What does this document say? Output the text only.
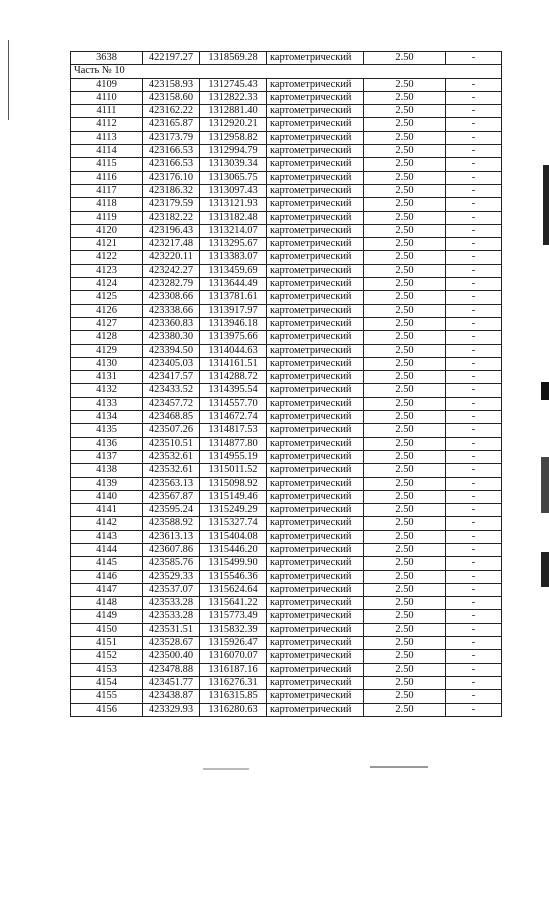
3638	422197.27	1318569.28	картометрический	2.50	-
Часть № 10					
4109	423158.93	1312745.43	картометрический	2.50	-
4110	423158.60	1312822.33	картометрический	2.50	-
4111	423162.22	1312881.40	картометрический	2.50	-
4112	423165.87	1312920.21	картометрический	2.50	-
4113	423173.79	1312958.82	картометрический	2.50	-
4114	423166.53	1312994.79	картометрический	2.50	-
4115	423166.53	1313039.34	картометрический	2.50	-
4116	423176.10	1313065.75	картометрический	2.50	-
4117	423186.32	1313097.43	картометрический	2.50	-
4118	423179.59	1313121.93	картометрический	2.50	-
4119	423182.22	1313182.48	картометрический	2.50	-
4120	423196.43	1313214.07	картометрический	2.50	-
4121	423217.48	1313295.67	картометрический	2.50	-
4122	423220.11	1313383.07	картометрический	2.50	-
4123	423242.27	1313459.69	картометрический	2.50	-
4124	423282.79	1313644.49	картометрический	2.50	-
4125	423308.66	1313781.61	картометрический	2.50	-
4126	423338.66	1313917.97	картометрический	2.50	-
4127	423360.83	1313946.18	картометрический	2.50	-
4128	423380.30	1313975.66	картометрический	2.50	-
4129	423394.50	1314044.63	картометрический	2.50	-
4130	423405.03	1314161.51	картометрический	2.50	-
4131	423417.57	1314288.72	картометрический	2.50	-
4132	423433.52	1314395.54	картометрический	2.50	-
4133	423457.72	1314557.70	картометрический	2.50	-
4134	423468.85	1314672.74	картометрический	2.50	-
4135	423507.26	1314817.53	картометрический	2.50	-
4136	423510.51	1314877.80	картометрический	2.50	-
4137	423532.61	1314955.19	картометрический	2.50	-
4138	423532.61	1315011.52	картометрический	2.50	-
4139	423563.13	1315098.92	картометрический	2.50	-
4140	423567.87	1315149.46	картометрический	2.50	-
4141	423595.24	1315249.29	картометрический	2.50	-
4142	423588.92	1315327.74	картометрический	2.50	-
4143	423613.13	1315404.08	картометрический	2.50	-
4144	423607.86	1315446.20	картометрический	2.50	-
4145	423585.76	1315499.90	картометрический	2.50	-
4146	423529.33	1315546.36	картометрический	2.50	-
4147	423537.07	1315624.64	картометрический	2.50	-
4148	423533.28	1315641.22	картометрический	2.50	-
4149	423533.28	1315773.49	картометрический	2.50	-
4150	423531.51	1315832.39	картометрический	2.50	-
4151	423528.67	1315926.47	картометрический	2.50	-
4152	423500.40	1316070.07	картометрический	2.50	-
4153	423478.88	1316187.16	картометрический	2.50	-
4154	423451.77	1316276.31	картометрический	2.50	-
4155	423438.87	1316315.85	картометрический	2.50	-
4156	423329.93	1316280.63	картометрический	2.50	-
